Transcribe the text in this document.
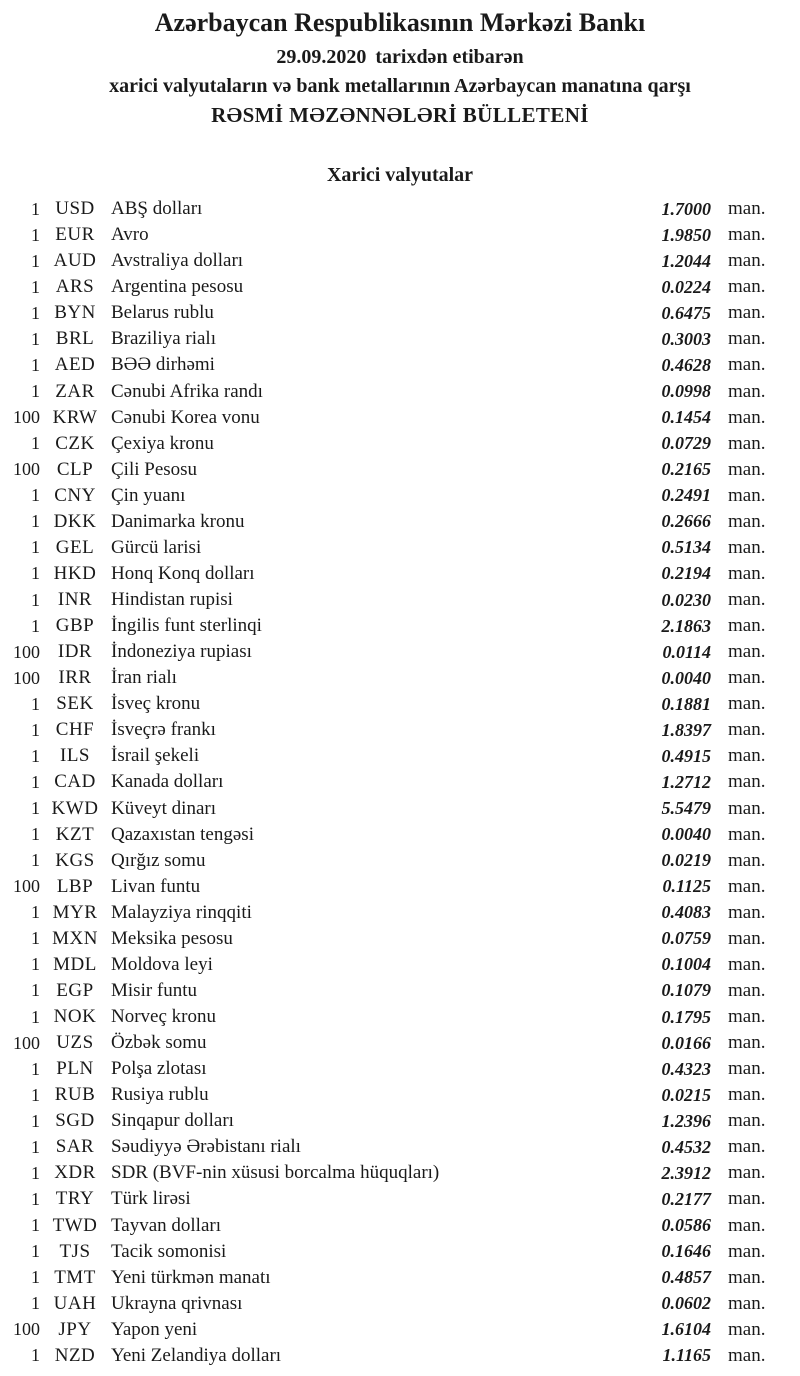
Azərbaycan Respublikasının Mərkəzi Bankı
29.09.2020 tarixdən etibarən
xarici valyutaların və bank metallarının Azərbaycan manatına qarşı
RƏSMİ MƏZƏNNƏLƏRİ BÜLLETENİ
Xarici valyutalar
1 USD ABŞ dolları	1.7000 man.
1 EUR Avro	1.9850 man.
1 AUD Avstraliya dolları	1.2044 man.
1 ARS Argentina pesosu	0.0224 man.
1 BYN Belarus rublu	0.6475 man.
1 BRL Braziliya rialı	0.3003 man.
1 AED BƏƏ dirhəmi	0.4628 man.
1 ZAR Cənubi Afrika randı	0.0998 man.
100 KRW Cənubi Korea vonu	0.1454 man.
1 CZK Çexiya kronu	0.0729 man.
100 CLP Çili Pesosu	0.2165 man.
1 CNY Çin yuanı	0.2491 man.
1 DKK Danimarka kronu	0.2666 man.
1 GEL Gürcü larisi	0.5134 man.
1 HKD Honq Konq dolları	0.2194 man.
1 INR Hindistan rupisi	0.0230 man.
1 GBP İngilis funt sterlinqi	2.1863 man.
100 IDR İndoneziya rupiası	0.0114 man.
100 IRR	İran rialı	0.0040 man.
1 SEK İsveç kronu	0.1881 man.
1 CHF İsveçrə frankı	1.8397 man.
1	ILS	İsrail şekeli	0.4915 man.
1 CAD Kanada dolları	1.2712 man.
1 KWD Küveyt dinarı	5.5479 man.
1 KZT Qazaxıstan tengəsi	0.0040 man.
1 KGS Qırğız somu	0.0219 man.
100 LBP Livan funtu	0.1125 man.
1 MYR Malayziya rinqqiti	0.4083 man.
1 MXN Meksika pesosu	0.0759 man.
1 MDL Moldova leyi	0.1004 man.
1 EGP Misir funtu	0.1079 man.
1 NOK Norveç kronu	0.1795 man.
100 UZS Özbək somu	0.0166 man.
1 PLN Polşa zlotası	0.4323 man.
1 RUB Rusiya rublu	0.0215 man.
1 SGD Sinqapur dolları	1.2396 man.
1 SAR Səudiyyə Ərəbistanı rialı	0.4532 man.
1 XDR SDR (BVF-nin xüsusi borcalma hüquqları)	2.3912 man.
1 TRY Türk lirəsi	0.2177 man.
1 TWD Tayvan dolları	0.0586 man.
1	TJS	Tacik somonisi	0.1646 man.
1 TMT Yeni türkmən manatı	0.4857 man.
1 UAH Ukrayna qrivnası	0.0602 man.
100 JPY	Yapon yeni	1.6104 man.
1 NZD Yeni Zelandiya dolları	1.1165 man.
